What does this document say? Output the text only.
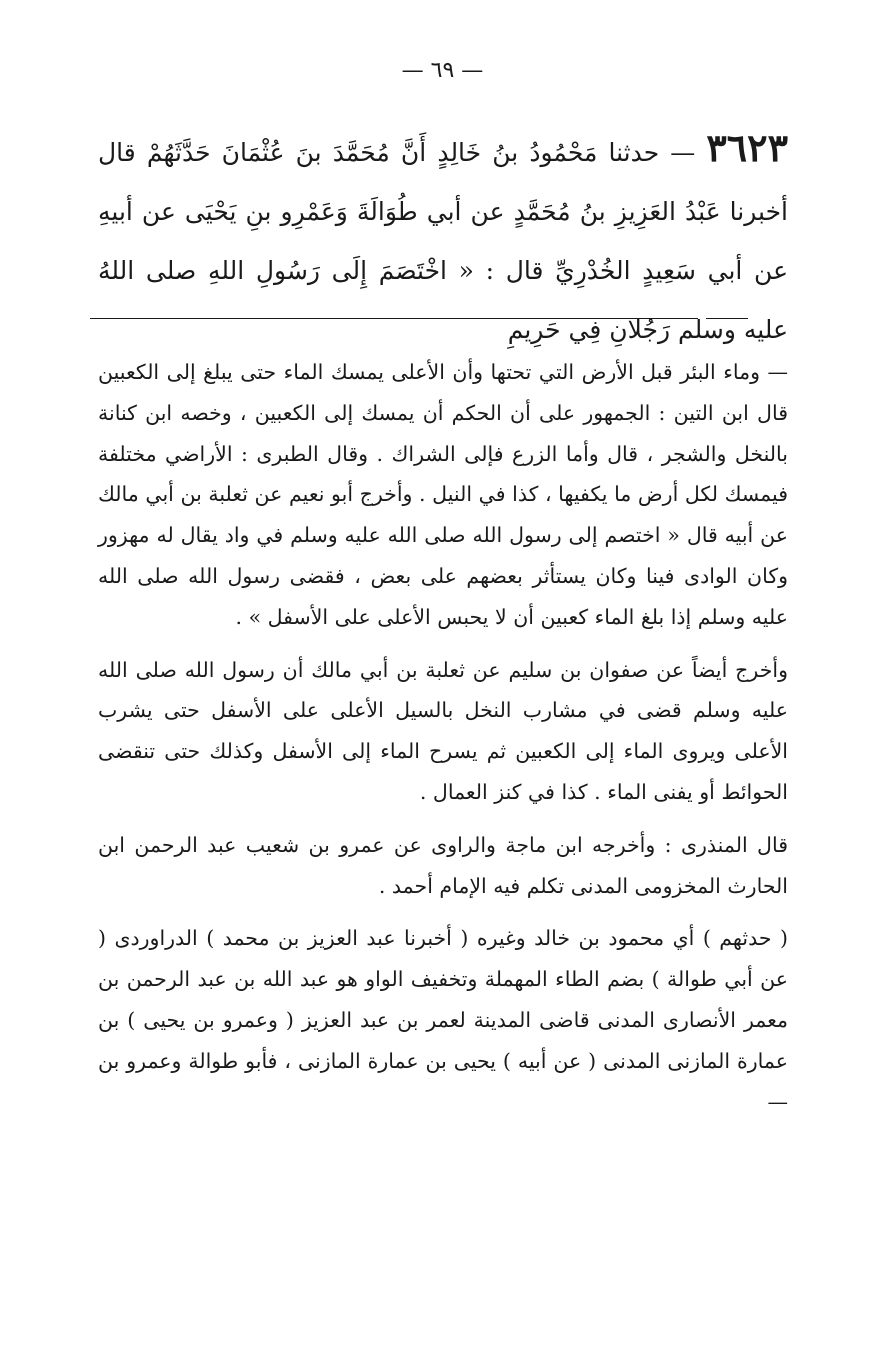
— ٦٩ —
٣٦٢٣ — حدثنا مَحْمُودُ بنُ خَالِدٍ أَنَّ مُحَمَّدَ بنَ عُثْمَانَ حَدَّثَهُمْ قال أخبرنا عَبْدُ العَزِيزِ بنُ مُحَمَّدٍ عن أبي طُوَالَةَ وَعَمْرِو بنِ يَحْيَى عن أبيهِ عن أبي سَعِيدٍ الخُدْرِيِّ قال : « اخْتَصَمَ إِلَى رَسُولِ اللهِ صلى اللهُ عليه وسلم رَجُلانِ فِي حَرِيمِ

— وماء البئر قبل الأرض التي تحتها وأن الأعلى يمسك الماء حتى يبلغ إلى الكعبين قال ابن التين : الجمهور على أن الحكم أن يمسك إلى الكعبين ، وخصه ابن كنانة بالنخل والشجر ، قال وأما الزرع فإلى الشراك . وقال الطبرى : الأراضي مختلفة فيمسك لكل أرض ما يكفيها ، كذا في النيل . وأخرج أبو نعيم عن ثعلبة بن أبي مالك عن أبيه قال « اختصم إلى رسول الله صلى الله عليه وسلم في واد يقال له مهزور وكان الوادى فينا وكان يستأثر بعضهم على بعض ، فقضى رسول الله صلى الله عليه وسلم إذا بلغ الماء كعبين أن لا يحبس الأعلى على الأسفل » .

وأخرج أيضاً عن صفوان بن سليم عن ثعلبة بن أبي مالك أن رسول الله صلى الله عليه وسلم قضى في مشارب النخل بالسيل الأعلى على الأسفل حتى يشرب الأعلى ويروى الماء إلى الكعبين ثم يسرح الماء إلى الأسفل وكذلك حتى تنقضى الحوائط أو يفنى الماء . كذا في كنز العمال .

قال المنذرى : وأخرجه ابن ماجة والراوى عن عمرو بن شعيب عبد الرحمن ابن الحارث المخزومى المدنى تكلم فيه الإمام أحمد .

( حدثهم ) أي محمود بن خالد وغيره ( أخبرنا عبد العزيز بن محمد ) الدراوردى ( عن أبي طوالة ) بضم الطاء المهملة وتخفيف الواو هو عبد الله بن عبد الرحمن بن معمر الأنصارى المدنى قاضى المدينة لعمر بن عبد العزيز ( وعمرو بن يحيى ) بن عمارة المازنى المدنى ( عن أبيه ) يحيى بن عمارة المازنى ، فأبو طوالة وعمرو بن —
